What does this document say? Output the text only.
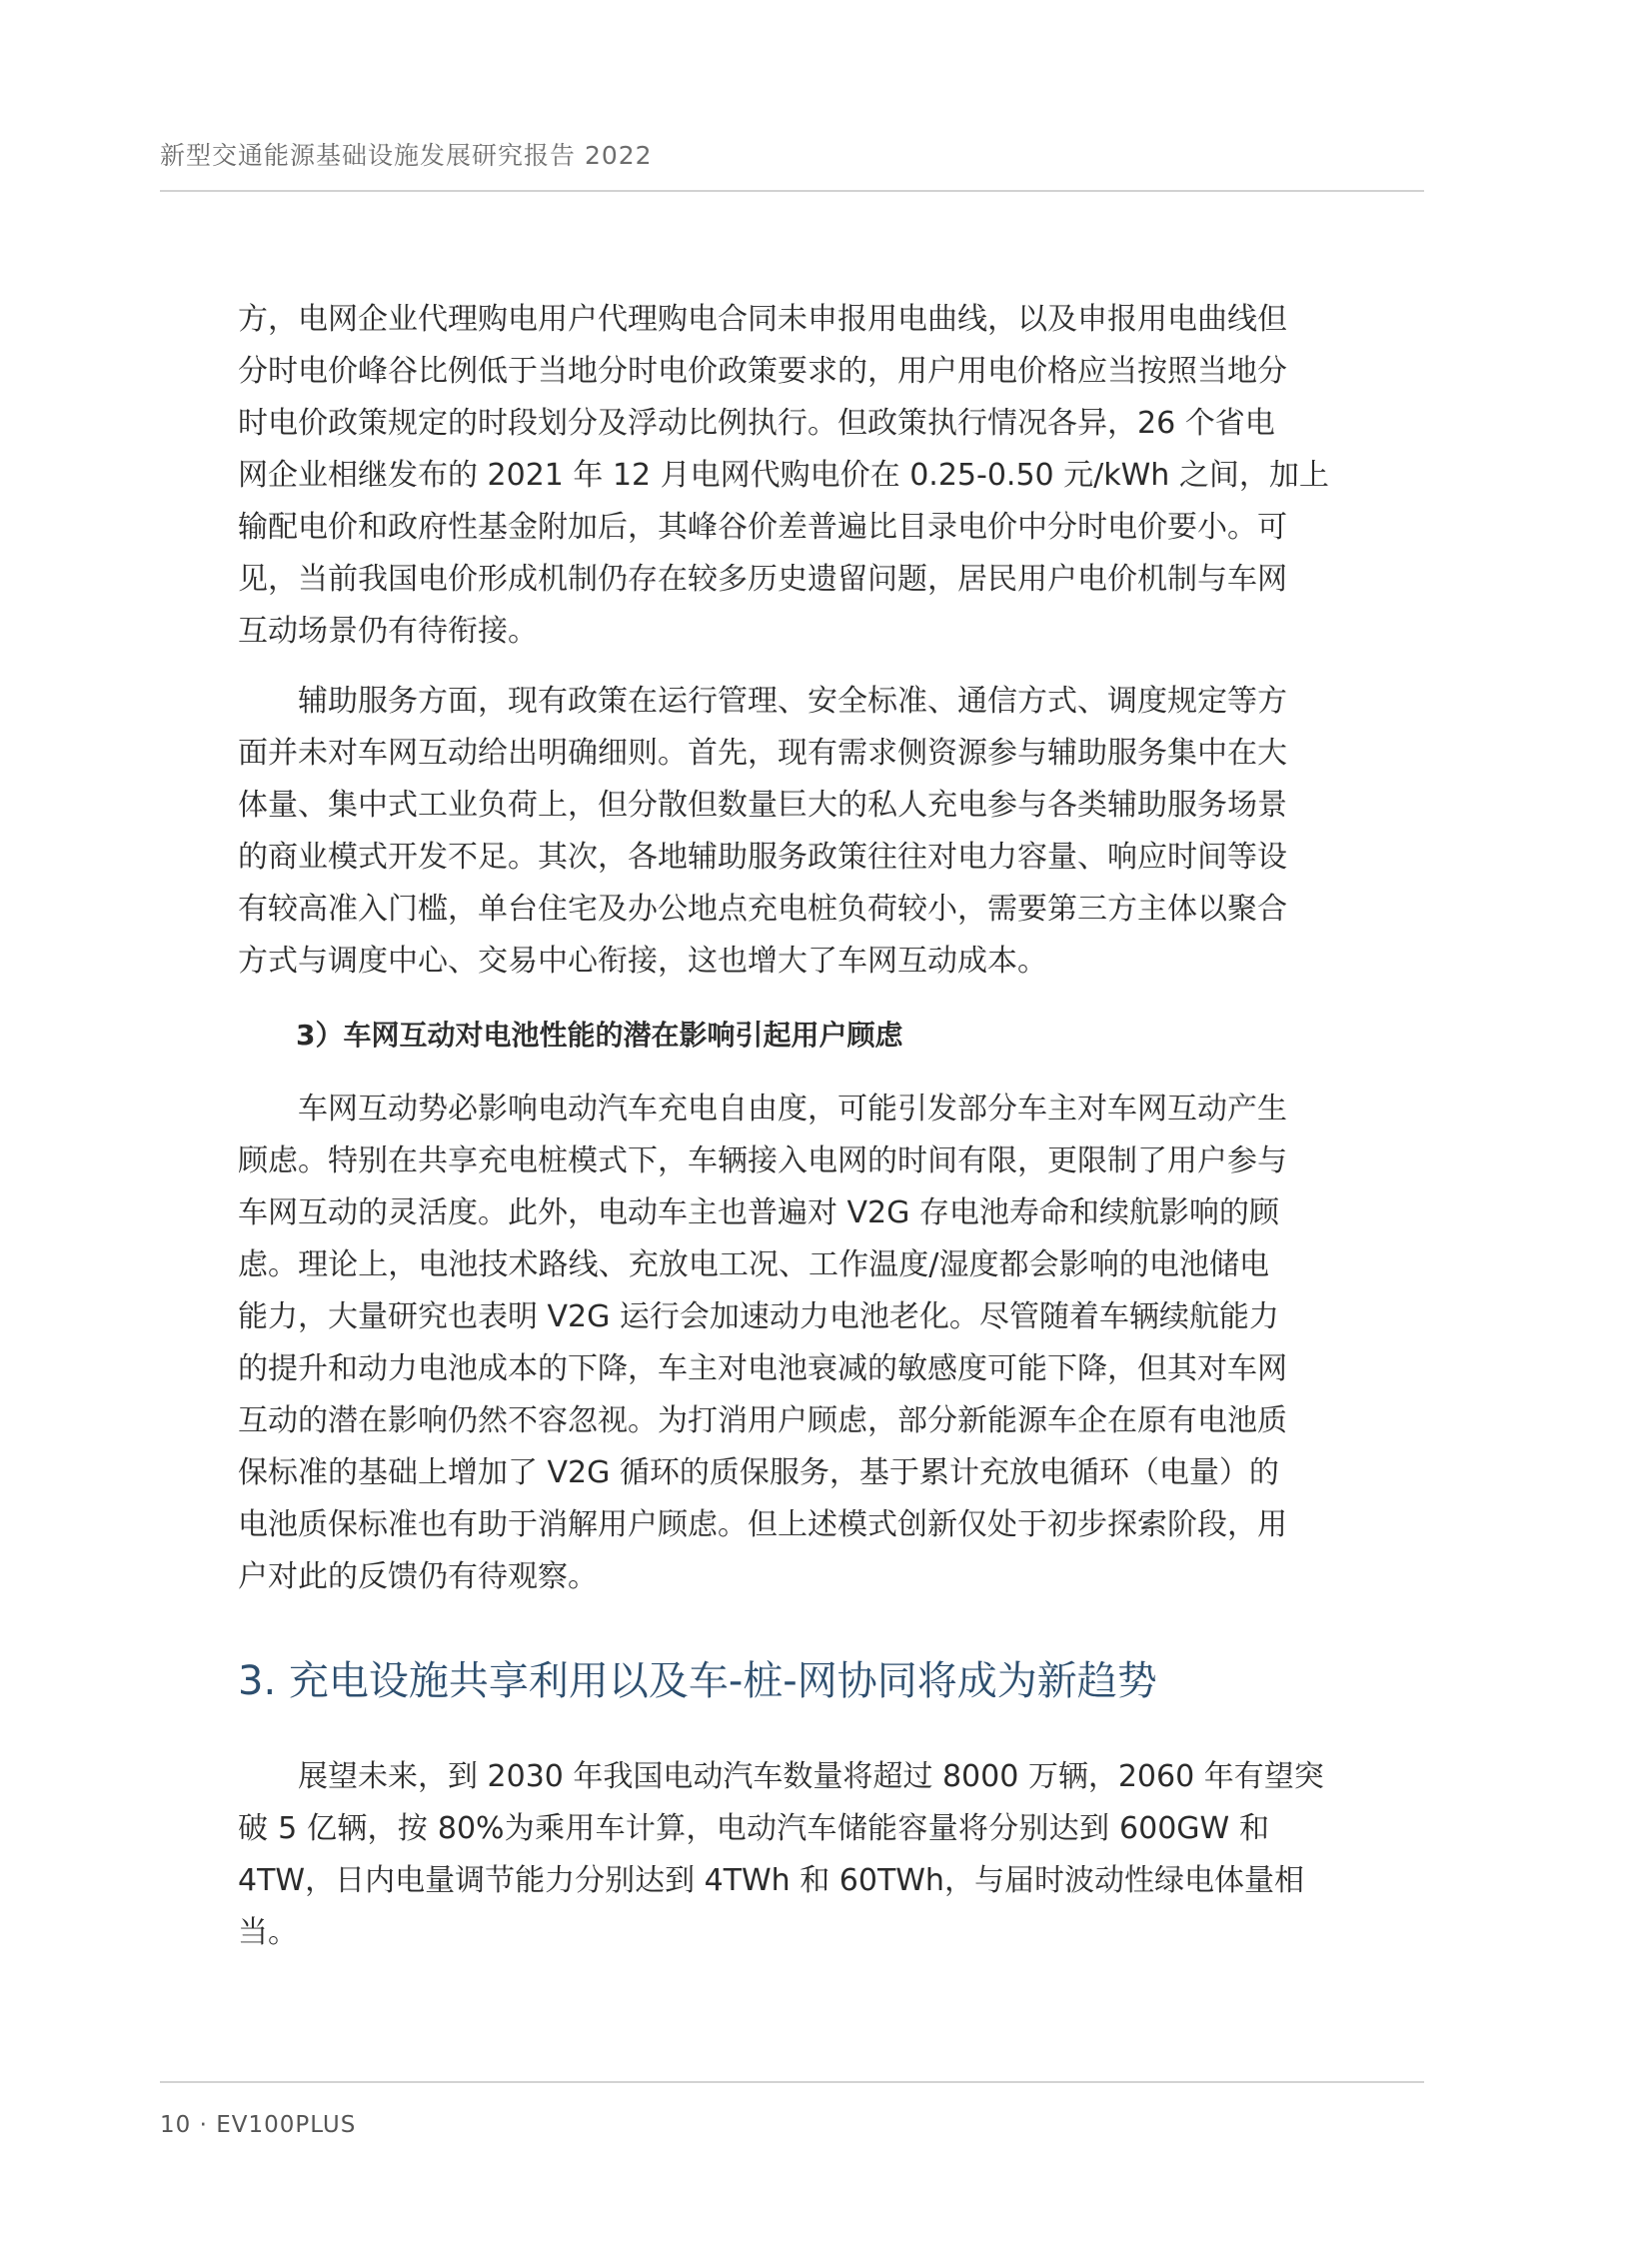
新型交通能源基础设施发展研究报告 2022
方，电网企业代理购电用户代理购电合同未申报用电曲线，以及申报用电曲线但
分时电价峰谷比例低于当地分时电价政策要求的，用户用电价格应当按照当地分
时电价政策规定的时段划分及浮动比例执行。但政策执行情况各异，26 个省电
网企业相继发布的 2021 年 12 月电网代购电价在 0.25-0.50 元/kWh 之间，加上
输配电价和政府性基金附加后，其峰谷价差普遍比目录电价中分时电价要小。可
见，当前我国电价形成机制仍存在较多历史遗留问题，居民用户电价机制与车网
互动场景仍有待衔接。
辅助服务方面，现有政策在运行管理、安全标准、通信方式、调度规定等方
面并未对车网互动给出明确细则。首先，现有需求侧资源参与辅助服务集中在大
体量、集中式工业负荷上，但分散但数量巨大的私人充电参与各类辅助服务场景
的商业模式开发不足。其次，各地辅助服务政策往往对电力容量、响应时间等设
有较高准入门槛，单台住宅及办公地点充电桩负荷较小，需要第三方主体以聚合
方式与调度中心、交易中心衔接，这也增大了车网互动成本。
3）车网互动对电池性能的潜在影响引起用户顾虑
车网互动势必影响电动汽车充电自由度，可能引发部分车主对车网互动产生
顾虑。特别在共享充电桩模式下，车辆接入电网的时间有限，更限制了用户参与
车网互动的灵活度。此外，电动车主也普遍对 V2G 存电池寿命和续航影响的顾
虑。理论上，电池技术路线、充放电工况、工作温度/湿度都会影响的电池储电
能力，大量研究也表明 V2G 运行会加速动力电池老化。尽管随着车辆续航能力
的提升和动力电池成本的下降，车主对电池衰减的敏感度可能下降，但其对车网
互动的潜在影响仍然不容忽视。为打消用户顾虑，部分新能源车企在原有电池质
保标准的基础上增加了 V2G 循环的质保服务，基于累计充放电循环（电量）的
电池质保标准也有助于消解用户顾虑。但上述模式创新仅处于初步探索阶段，用
户对此的反馈仍有待观察。
3. 充电设施共享利用以及车-桩-网协同将成为新趋势
展望未来，到 2030 年我国电动汽车数量将超过 8000 万辆，2060 年有望突
破 5 亿辆，按 80%为乘用车计算，电动汽车储能容量将分别达到 600GW 和
4TW，日内电量调节能力分别达到 4TWh 和 60TWh，与届时波动性绿电体量相
当。
10 · EV100PLUS
